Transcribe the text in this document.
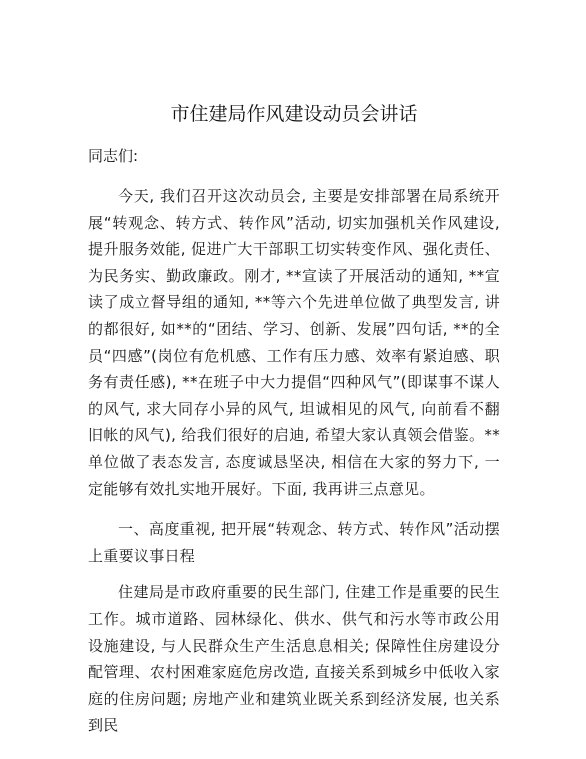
市住建局作风建设动员会讲话

同志们:

今天, 我们召开这次动员会, 主要是安排部署在局系统开展“转观念、转方式、转作风”活动, 切实加强机关作风建设, 提升服务效能, 促进广大干部职工切实转变作风、强化责任、为民务实、勤政廉政。刚才, **宣读了开展活动的通知, **宣读了成立督导组的通知, **等六个先进单位做了典型发言, 讲的都很好, 如**的“团结、学习、创新、发展”四句话, **的全员“四感”(岗位有危机感、工作有压力感、效率有紧迫感、职务有责任感), **在班子中大力提倡“四种风气”(即谋事不谋人的风气, 求大同存小异的风气, 坦诚相见的风气, 向前看不翻旧帐的风气), 给我们很好的启迪, 希望大家认真领会借鉴。**单位做了表态发言, 态度诚恳坚决, 相信在大家的努力下, 一定能够有效扎实地开展好。下面, 我再讲三点意见。

一、高度重视, 把开展“转观念、转方式、转作风”活动摆上重要议事日程

住建局是市政府重要的民生部门, 住建工作是重要的民生工作。城市道路、园林绿化、供水、供气和污水等市政公用设施建设, 与人民群众生产生活息息相关; 保障性住房建设分配管理、农村困难家庭危房改造, 直接关系到城乡中低收入家庭的住房问题; 房地产业和建筑业既关系到经济发展, 也关系到民
